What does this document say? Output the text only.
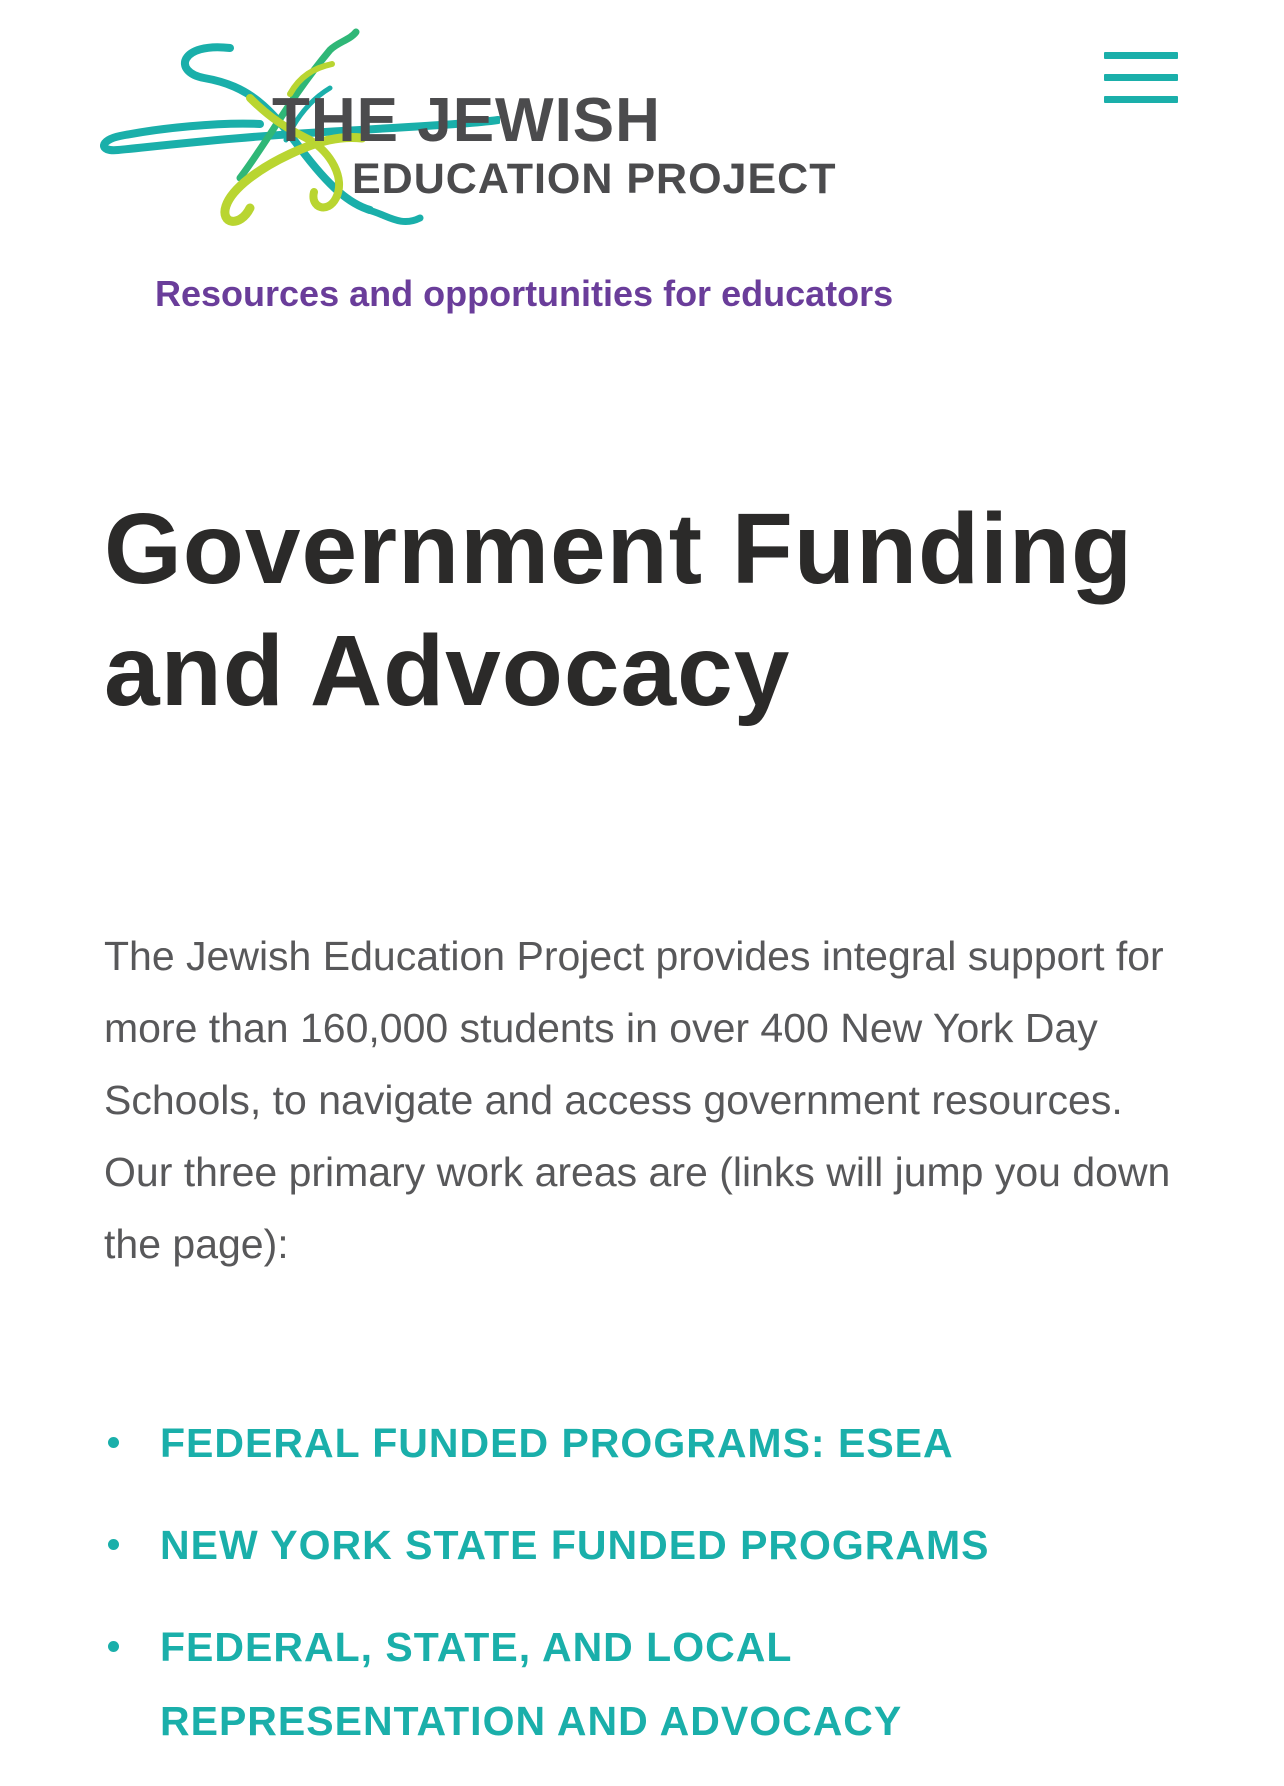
THE JEWISH
EDUCATION PROJECT
Resources and opportunities for educators
Government Funding and Advocacy

The Jewish Education Project provides integral support for more than 160,000 students in over 400 New York Day Schools, to navigate and access government resources. Our three primary work areas are (links will jump you down the page):

FEDERAL FUNDED PROGRAMS: ESEA
NEW YORK STATE FUNDED PROGRAMS
FEDERAL, STATE, AND LOCAL REPRESENTATION AND ADVOCACY
